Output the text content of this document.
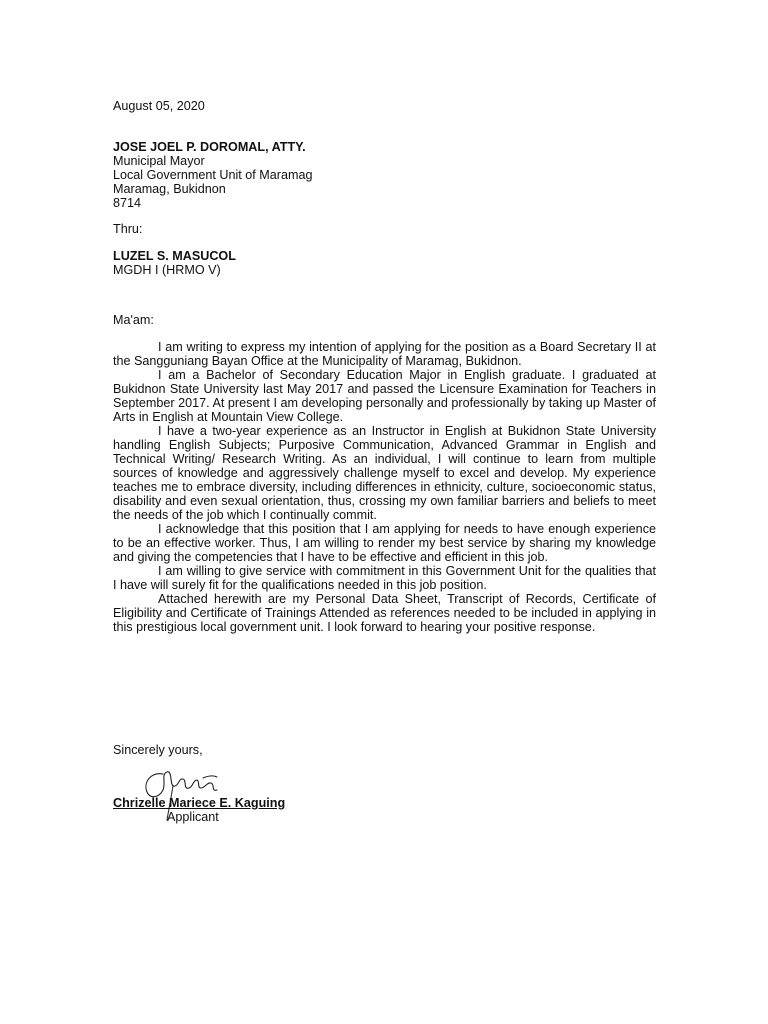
August 05, 2020
JOSE JOEL P. DOROMAL, ATTY.
Municipal Mayor
Local Government Unit of Maramag
Maramag, Bukidnon
8714
Thru:
LUZEL S. MASUCOL
MGDH I (HRMO V)
Ma'am:
I am writing to express my intention of applying for the position as a Board Secretary II at the Sangguniang Bayan Office at the Municipality of Maramag, Bukidnon.
I am a Bachelor of Secondary Education Major in English graduate. I graduated at Bukidnon State University last May 2017 and passed the Licensure Examination for Teachers in September 2017. At present I am developing personally and professionally by taking up Master of Arts in English at Mountain View College.
I have a two-year experience as an Instructor in English at Bukidnon State University handling English Subjects; Purposive Communication, Advanced Grammar in English and Technical Writing/ Research Writing. As an individual, I will continue to learn from multiple sources of knowledge and aggressively challenge myself to excel and develop. My experience teaches me to embrace diversity, including differences in ethnicity, culture, socioeconomic status, disability and even sexual orientation, thus, crossing my own familiar barriers and beliefs to meet the needs of the job which I continually commit.
I acknowledge that this position that I am applying for needs to have enough experience to be an effective worker. Thus, I am willing to render my best service by sharing my knowledge and giving the competencies that I have to be effective and efficient in this job.
I am willing to give service with commitment in this Government Unit for the qualities that I have will surely fit for the qualifications needed in this job position.
Attached herewith are my Personal Data Sheet, Transcript of Records, Certificate of Eligibility and Certificate of Trainings Attended as references needed to be included in applying in this prestigious local government unit. I look forward to hearing your positive response.
Sincerely yours,
Chrizelle Mariece E. Kaguing
Applicant
